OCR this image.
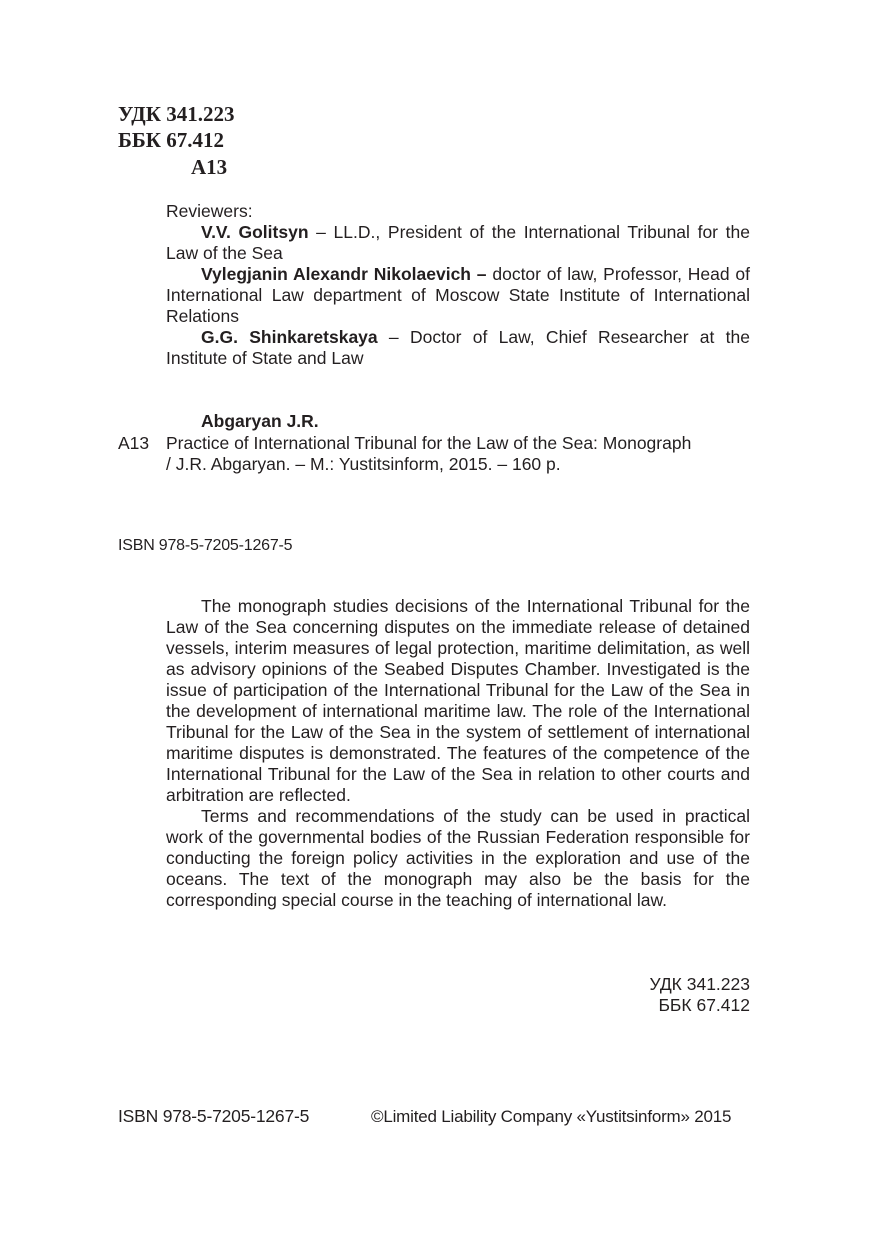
УДК 341.223
ББК 67.412
А13

Reviewers:

V.V. Golitsyn – LL.D., President of the International Tribunal for the Law of the Sea

Vylegjanin Alexandr Nikolaevich – doctor of law, Professor, Head of International Law department of Moscow State Institute of International Relations

G.G. Shinkaretskaya – Doctor of Law, Chief Researcher at the Institute of State and Law

Abgaryan J.R.
A13 Practice of International Tribunal for the Law of the Sea: Monograph

/ J.R. Abgaryan. – M.: Yustitsinform, 2015. – 160 p.

ISBN 978-5-7205-1267-5

The monograph studies decisions of the International Tribunal for the Law of the Sea concerning disputes on the immediate release of detained vessels, interim measures of legal protection, maritime delimitation, as well as advisory opinions of the Seabed Disputes Chamber. Investigated is the issue of participation of the International Tribunal for the Law of the Sea in the development of international maritime law. The role of the International Tribunal for the Law of the Sea in the system of settlement of international maritime disputes is demonstrated. The features of the competence of the International Tribunal for the Law of the Sea in relation to other courts and arbitration are reflected.

Terms and recommendations of the study can be used in practical work of the governmental bodies of the Russian Federation responsible for conducting the foreign policy activities in the exploration and use of the oceans. The text of the monograph may also be the basis for the corresponding special course in the teaching of international law.

УДК 341.223

ББК 67.412

ISBN 978-5-7205-1267-5	©Limited Liability Company «Yustitsinform» 2015
